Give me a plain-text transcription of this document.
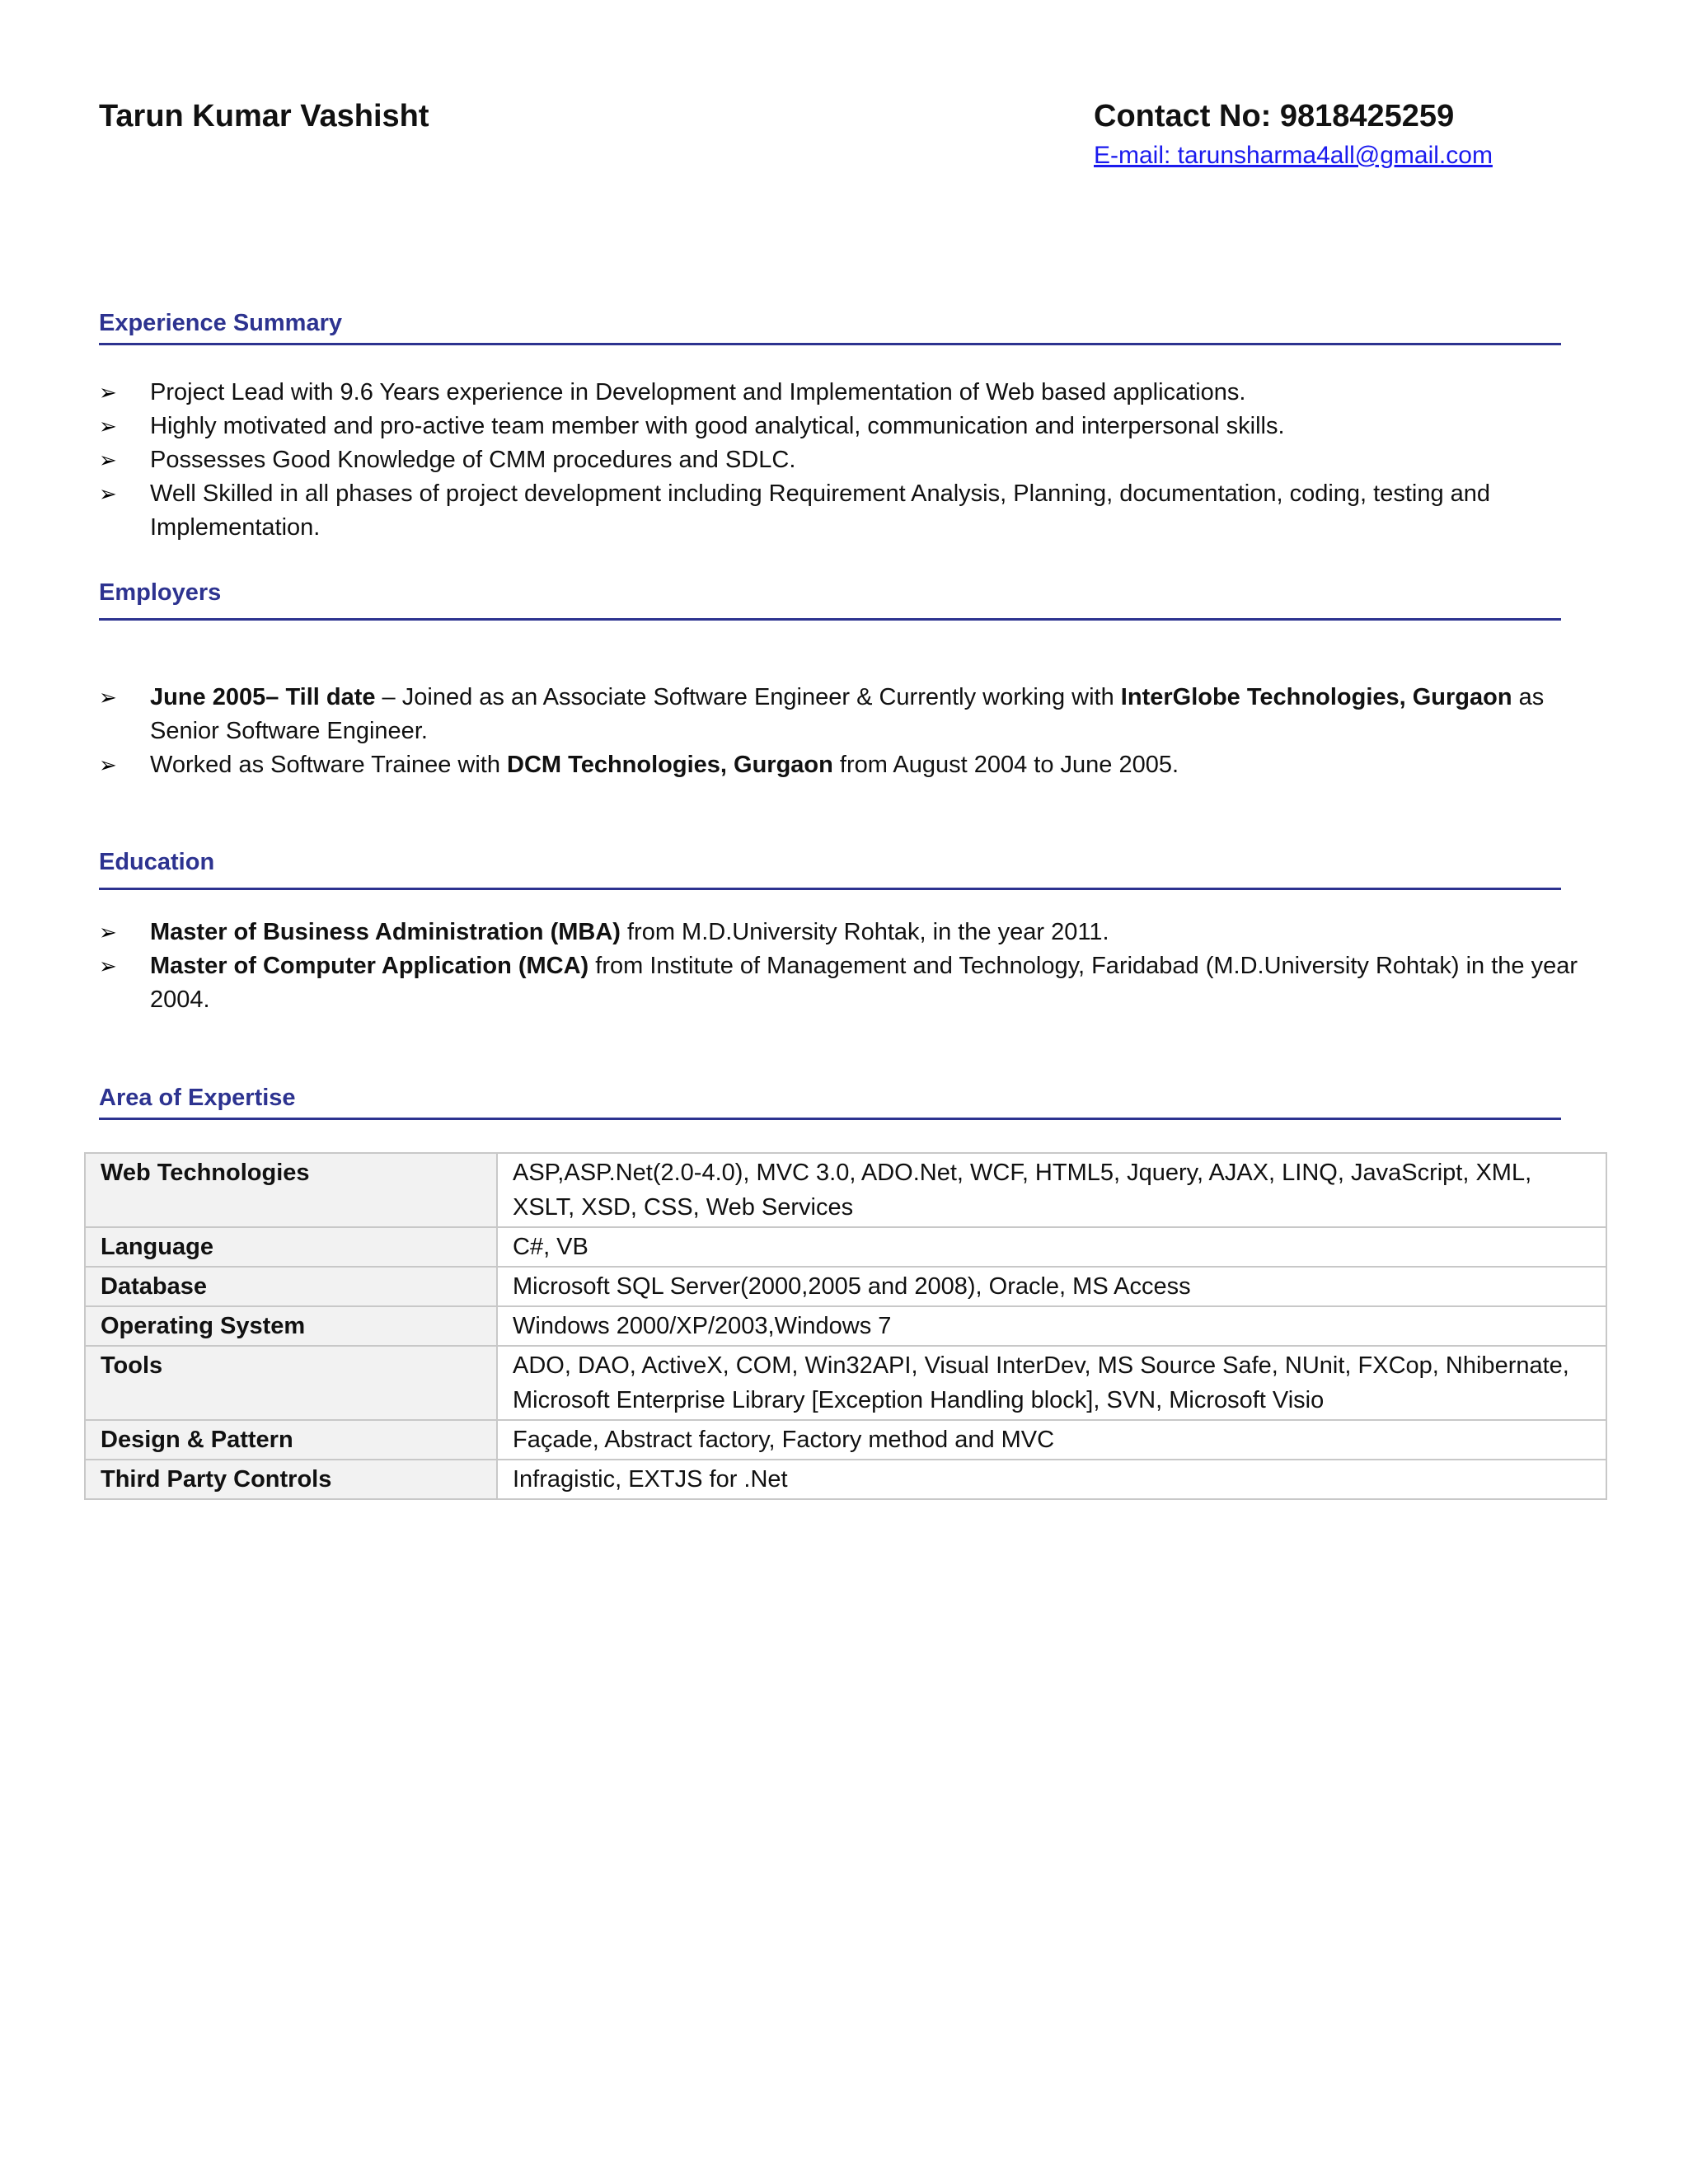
Tarun Kumar Vashisht	Contact No: 9818425259
E-mail: tarunsharma4all@gmail.com
Experience Summary
➢ Project Lead with 9.6 Years experience in Development and Implementation of Web based applications.
➢ Highly motivated and pro-active team member with good analytical, communication and interpersonal skills.
➢ Possesses Good Knowledge of CMM procedures and SDLC.
➢ Well Skilled in all phases of project development including Requirement Analysis, Planning, documentation, coding, testing and Implementation.
Employers
➢ June 2005– Till date – Joined as an Associate Software Engineer & Currently working with InterGlobe Technologies, Gurgaon as Senior Software Engineer.
➢ Worked as Software Trainee with DCM Technologies, Gurgaon from August 2004 to June 2005.
Education
➢ Master of Business Administration (MBA) from M.D.University Rohtak, in the year 2011.
➢ Master of Computer Application (MCA) from Institute of Management and Technology, Faridabad (M.D.University Rohtak) in the year 2004.
Area of Expertise
Web Technologies	ASP,ASP.Net(2.0-4.0), MVC 3.0, ADO.Net, WCF, HTML5, Jquery, AJAX, LINQ, JavaScript, XML, XSLT, XSD, CSS, Web Services
Language	C#, VB
Database	Microsoft SQL Server(2000,2005 and 2008), Oracle, MS Access
Operating System	Windows 2000/XP/2003,Windows 7
Tools	ADO, DAO, ActiveX, COM, Win32API, Visual InterDev, MS Source Safe, NUnit, FXCop, Nhibernate, Microsoft Enterprise Library [Exception Handling block], SVN, Microsoft Visio
Design & Pattern	Façade, Abstract factory, Factory method and MVC
Third Party Controls	Infragistic, EXTJS for .Net
